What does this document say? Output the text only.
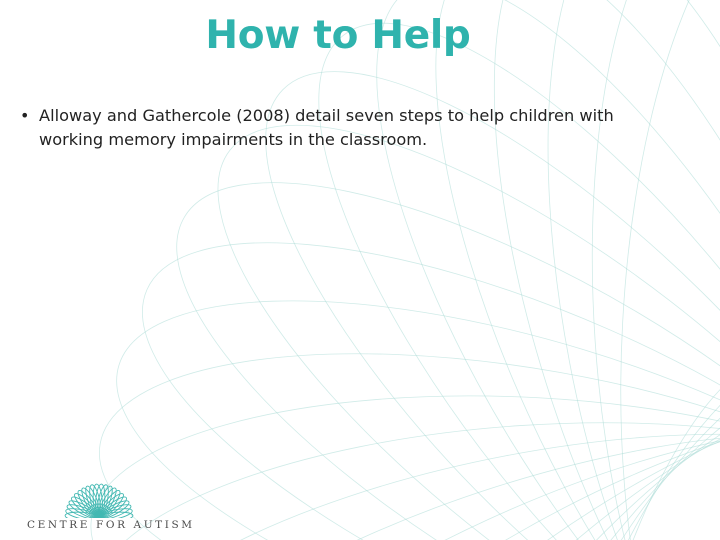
How to Help
• Alloway and Gathercole (2008) detail seven steps to help children with working memory impairments in the classroom.
CENTRE FOR AUTISM
